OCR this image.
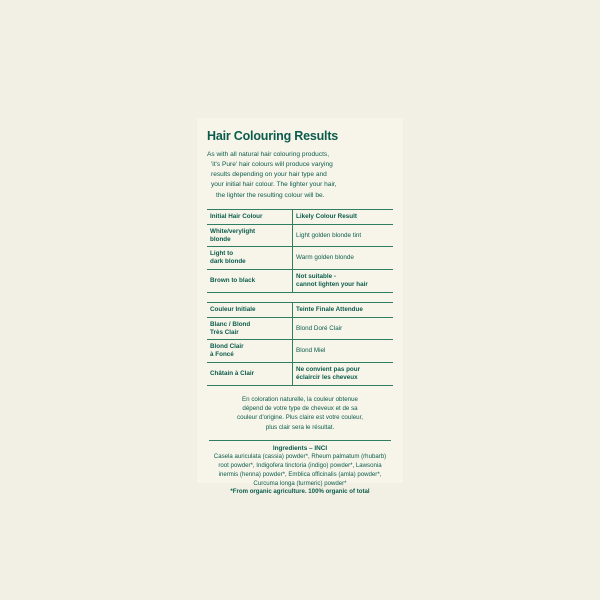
Hair Colouring Results
As with all natural hair colouring products,
'it's Pure' hair colours will produce varying
results depending on your hair type and
your initial hair colour. The lighter your hair,
the lighter the resulting colour will be.
Initial Hair Colour	Likely Colour Result
White/verylight
blonde	Light golden blonde tint
Light to
dark blonde	Warm golden blonde
Brown to black	Not suitable -
cannot lighten your hair
Couleur Initiale	Teinte Finale Attendue
Blanc / Blond
Très Clair	Blond Doré Clair
Blond Clair
à Foncé	Blond Miel
Châtain à Clair	Ne convient pas pour
éclaircir les cheveux
En coloration naturelle, la couleur obtenue
dépend de votre type de cheveux et de sa
couleur d'origine. Plus claire est votre couleur,
plus clair sera le résultat.
Ingredients – INCI
Casela auriculata (cassia) powder*, Rheum palmatum (rhubarb) root powder*, Indigofera tinctoria (indigo) powder*, Lawsonia inermis (henna) powder*, Emblica officinalis (amla) powder*, Curcuma longa (turmeric) powder*
*From organic agriculture. 100% organic of total
